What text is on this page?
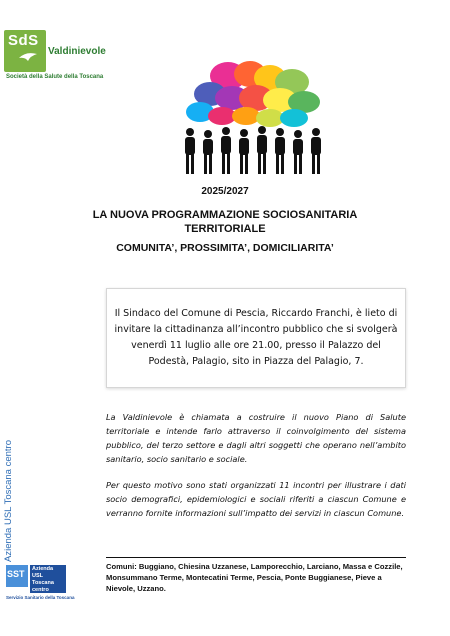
SdS
Valdinievole
Società della Salute della Toscana
2025/2027
LA NUOVA PROGRAMMAZIONE SOCIOSANITARIA
TERRITORIALE
COMUNITA’, PROSSIMITA’, DOMICILIARITA’

Il Sindaco del Comune di Pescia, Riccardo Franchi, è lieto di invitare la cittadinanza all’incontro pubblico che si svolgerà venerdì 11 luglio alle ore 21.00, presso il Palazzo del Podestà, Palagio, sito in Piazza del Palagio, 7.

La Valdinievole è chiamata a costruire il nuovo Piano di Salute territoriale e intende farlo attraverso il coinvolgimento del sistema pubblico, del terzo settore e dagli altri soggetti che operano nell’ambito sanitario, socio sanitario e sociale.

Per questo motivo sono stati organizzati 11 incontri per illustrare i dati socio demografici, epidemiologici e sociali riferiti a ciascun Comune e verranno fornite informazioni sull’impatto dei servizi in ciascun Comune.

Azienda USL Toscana centro
SST	Azienda USL Toscana centro
Servizio Sanitario della Toscana

Comuni: Buggiano, Chiesina Uzzanese, Lamporecchio, Larciano, Massa e Cozzile, Monsummano Terme, Montecatini Terme, Pescia, Ponte Buggianese, Pieve a Nievole, Uzzano.
